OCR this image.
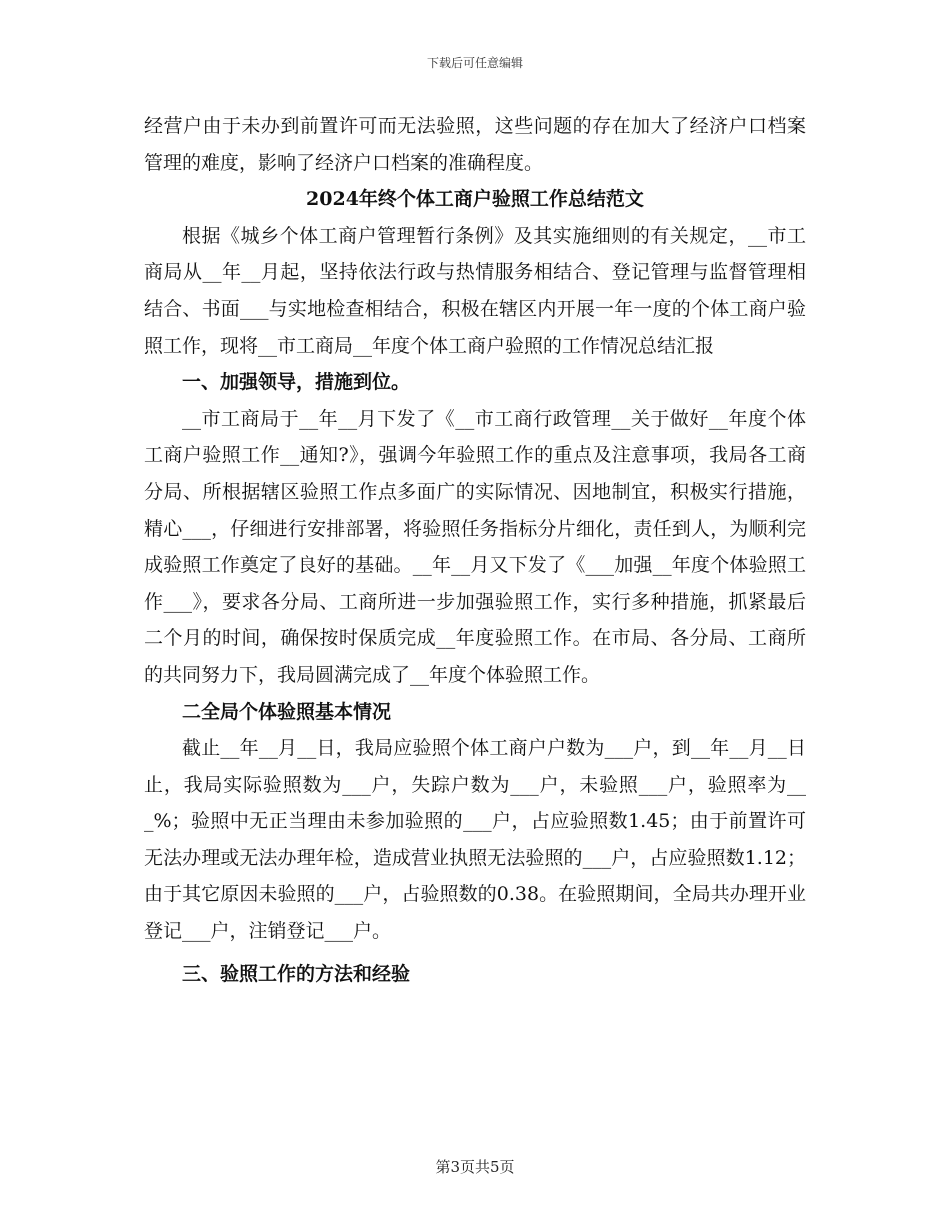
下载后可任意编辑

经营户由于未办到前置许可而无法验照，这些问题的存在加大了经济户口档案管理的难度，影响了经济户口档案的准确程度。

2024年终个体工商户验照工作总结范文

根据《城乡个体工商户管理暂行条例》及其实施细则的有关规定，__市工商局从__年__月起，坚持依法行政与热情服务相结合、登记管理与监督管理相结合、书面___与实地检查相结合，积极在辖区内开展一年一度的个体工商户验照工作，现将__市工商局__年度个体工商户验照的工作情况总结汇报

一、加强领导，措施到位。

__市工商局于__年__月下发了《__市工商行政管理__关于做好__年度个体工商户验照工作__通知?》，强调今年验照工作的重点及注意事项，我局各工商分局、所根据辖区验照工作点多面广的实际情况、因地制宜，积极实行措施，精心___，仔细进行安排部署，将验照任务指标分片细化，责任到人，为顺利完成验照工作奠定了良好的基础。__年__月又下发了《___加强__年度个体验照工作___》，要求各分局、工商所进一步加强验照工作，实行多种措施，抓紧最后二个月的时间，确保按时保质完成__年度验照工作。在市局、各分局、工商所的共同努力下，我局圆满完成了__年度个体验照工作。

二全局个体验照基本情况

截止__年__月__日，我局应验照个体工商户户数为___户，到__年__月__日止，我局实际验照数为___户，失踪户数为___户，未验照___户，验照率为___%；验照中无正当理由未参加验照的___户，占应验照数1.45；由于前置许可无法办理或无法办理年检，造成营业执照无法验照的___户，占应验照数1.12；由于其它原因未验照的___户，占验照数的0.38。在验照期间，全局共办理开业登记___户，注销登记___户。

三、验照工作的方法和经验
第3页共5页
